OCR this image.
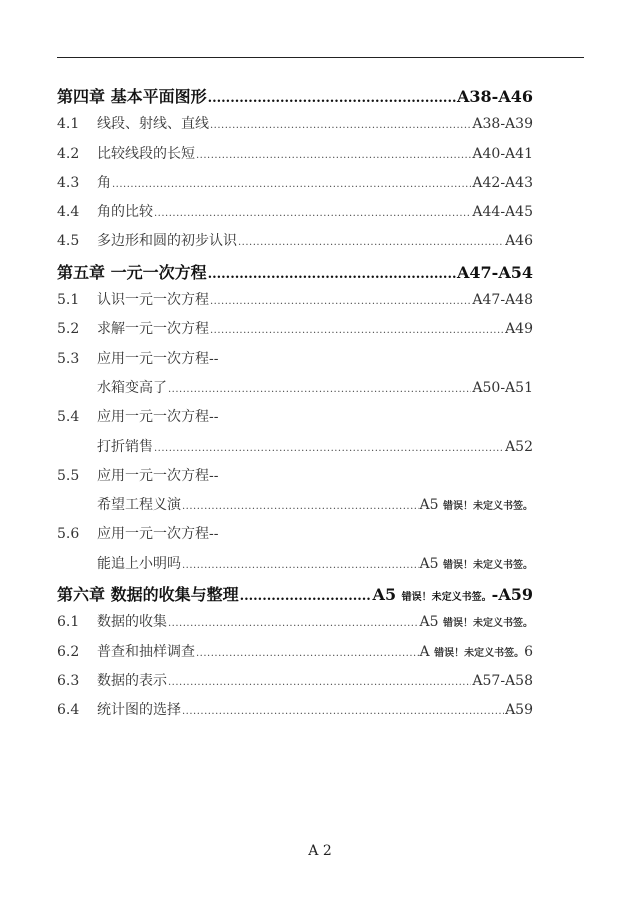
第四章 基本平面图形 .....	A38-A46
4.1	线段、射线、直线 .....	A38-A39
4.2	比较线段的长短 .....	A40-A41
4.3	角 .....	A42-A43
4.4	角的比较 .....	A44-A45
4.5	多边形和圆的初步认识 .....	A46
第五章 一元一次方程 .....	A47-A54
5.1	认识一元一次方程 .....	A47-A48
5.2	求解一元一次方程 .....	A49
5.3	应用一元一次方程--
水箱变高了 .....	A50-A51
5.4	应用一元一次方程--
打折销售 .....	A52
5.5	应用一元一次方程--
希望工程义演 .....	A5 错误！未定义书签。
5.6	应用一元一次方程--
能追上小明吗 .....	A5 错误！未定义书签。
第六章 数据的收集与整理 .....	A5 错误！未定义书签。-A59
6.1	数据的收集 .....	A5 错误！未定义书签。
6.2	普查和抽样调查 .....	A 错误！未定义书签。6
6.3	数据的表示 .....	A57-A58
6.4	统计图的选择 .....	A59
A 2
